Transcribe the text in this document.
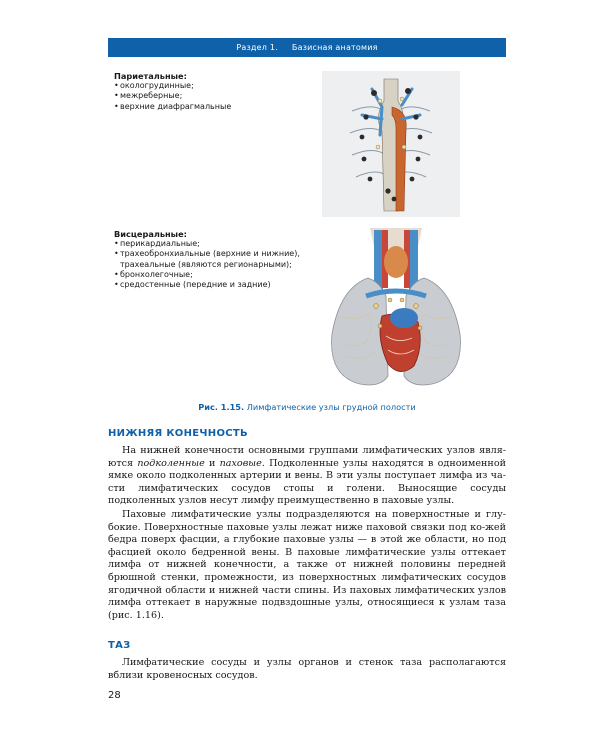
Раздел 1. Базисная анатомия
Париетальные:
• окологрудинные;
• межреберные;
• верхние диафрагмальные
Висцеральные:
• перикардиальные;
• трахеобронхиальные (верхние и нижние),
трахеальные (являются регионарными);
• бронхолегочные;
• средостенные (передние и задние)
Рис. 1.15. Лимфатические узлы грудной полости
НИЖНЯЯ КОНЕЧНОСТЬ
На нижней конечности основными группами лимфатических узлов явля-ются подколенные и паховые. Подколенные узлы находятся в одноименной ямке около подколенных артерии и вены. В эти узлы поступает лимфа из ча-сти лимфатических сосудов стопы и голени. Выносящие сосуды подколенных узлов несут лимфу преимущественно в паховые узлы.
Паховые лимфатические узлы подразделяются на поверхностные и глу-бокие. Поверхностные паховые узлы лежат ниже паховой связки под ко-жей бедра поверх фасции, а глубокие паховые узлы — в этой же области, но под фасцией около бедренной вены. В паховые лимфатические узлы оттекает лимфа от нижней конечности, а также от нижней половины передней брюшной стенки, промежности, из поверхностных лимфатических сосудов ягодичной области и нижней части спины. Из паховых лимфатических узлов лимфа оттекает в наружные подвздошные узлы, относящиеся к узлам таза (рис. 1.16).
ТАЗ
Лимфатические сосуды и узлы органов и стенок таза располагаются вблизи кровеносных сосудов.
28
